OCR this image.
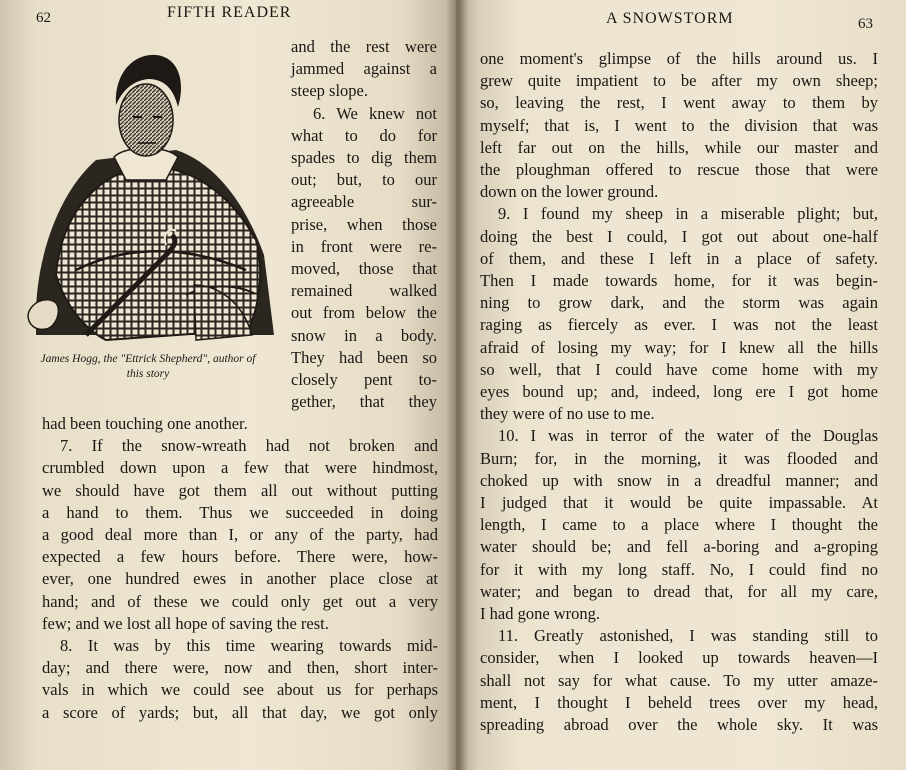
62	FIFTH READER
James Hogg, the "Ettrick Shepherd", author of
this story
and the rest were
jammed against a
steep slope.
6. We knew not
what to do for
spades to dig them
out; but, to our
agreeable sur-
prise, when those
in front were re-
moved, those that
remained walked
out from below the
snow in a body.
They had been so
closely pent to-
gether, that they
had been touching one another.
7. If the snow-wreath had not broken and
crumbled down upon a few that were hindmost,
we should have got them all out without putting
a hand to them. Thus we succeeded in doing
a good deal more than I, or any of the party, had
expected a few hours before. There were, how-
ever, one hundred ewes in another place close at
hand; and of these we could only get out a very
few; and we lost all hope of saving the rest.
8. It was by this time wearing towards mid-
day; and there were, now and then, short inter-
vals in which we could see about us for perhaps
a score of yards; but, all that day, we got only
A SNOWSTORM	63
one moment's glimpse of the hills around us. I
grew quite impatient to be after my own sheep;
so, leaving the rest, I went away to them by
myself; that is, I went to the division that was
left far out on the hills, while our master and
the ploughman offered to rescue those that were
down on the lower ground.
9. I found my sheep in a miserable plight; but,
doing the best I could, I got out about one-half
of them, and these I left in a place of safety.
Then I made towards home, for it was begin-
ning to grow dark, and the storm was again
raging as fiercely as ever. I was not the least
afraid of losing my way; for I knew all the hills
so well, that I could have come home with my
eyes bound up; and, indeed, long ere I got home
they were of no use to me.
10. I was in terror of the water of the Douglas
Burn; for, in the morning, it was flooded and
choked up with snow in a dreadful manner; and
I judged that it would be quite impassable. At
length, I came to a place where I thought the
water should be; and fell a-boring and a-groping
for it with my long staff. No, I could find no
water; and began to dread that, for all my care,
I had gone wrong.
11. Greatly astonished, I was standing still to
consider, when I looked up towards heaven—I
shall not say for what cause. To my utter amaze-
ment, I thought I beheld trees over my head,
spreading abroad over the whole sky. It was
